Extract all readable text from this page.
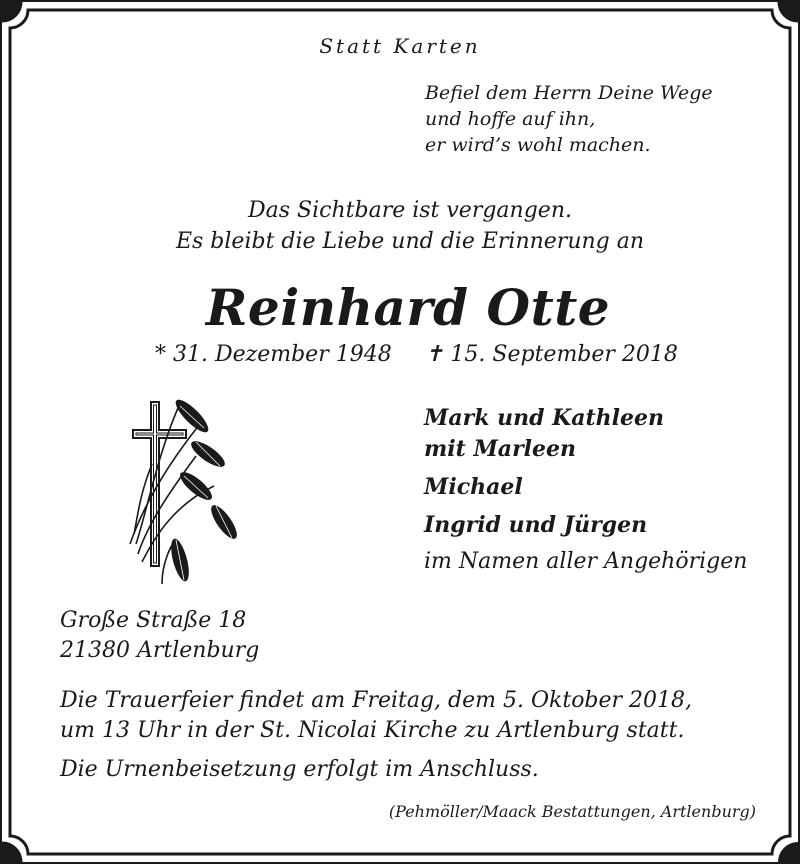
Statt Karten
Befiel dem Herrn Deine Wege
und hoffe auf ihn,
er wird’s wohl machen.
Das Sichtbare ist vergangen.
Es bleibt die Liebe und die Erinnerung an
Reinhard Otte
* 31. Dezember 1948 ✝ 15. September 2018
Mark und Kathleen
mit Marleen
Michael
Ingrid und Jürgen
im Namen aller Angehörigen
Große Straße 18
21380 Artlenburg
Die Trauerfeier findet am Freitag, dem 5. Oktober 2018,
um 13 Uhr in der St. Nicolai Kirche zu Artlenburg statt.
Die Urnenbeisetzung erfolgt im Anschluss.
(Pehmöller/Maack Bestattungen, Artlenburg)
